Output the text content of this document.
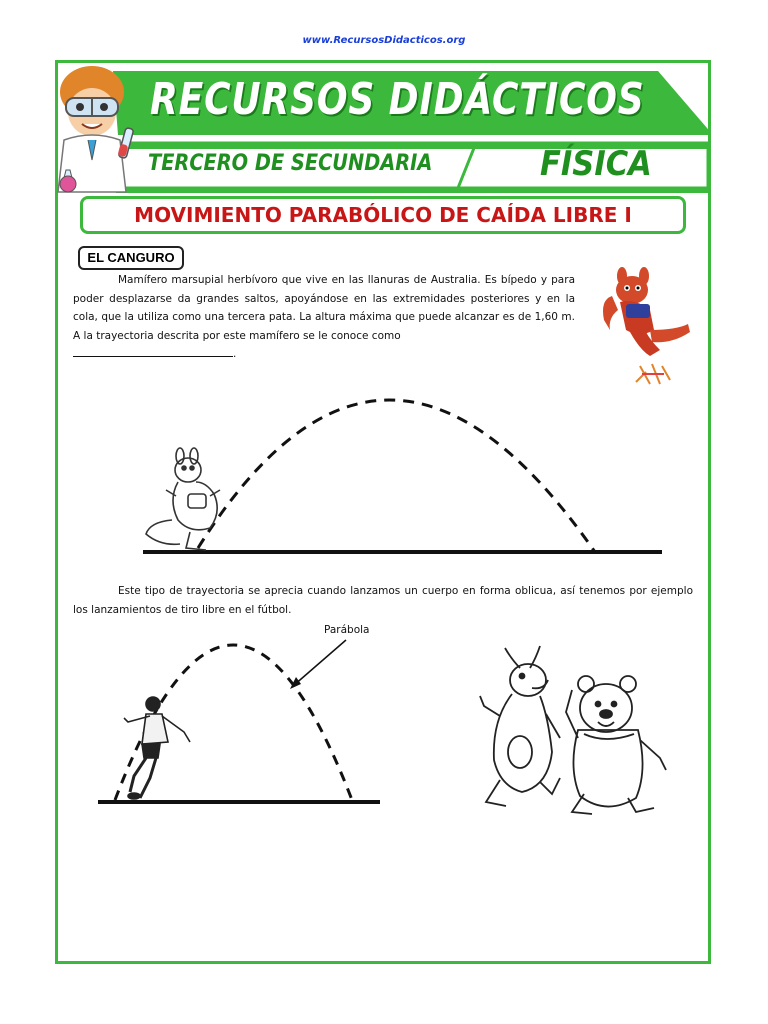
www.RecursosDidacticos.org
RECURSOS DIDÁCTICOS
TERCERO DE SECUNDARIA	FÍSICA
MOVIMIENTO PARABÓLICO DE CAÍDA LIBRE I
EL CANGURO
Mamífero marsupial herbívoro que vive en las llanuras de Australia. Es bípedo y para poder desplazarse da grandes saltos, apoyándose en las extremidades posteriores y en la cola, que la utiliza como una tercera pata. La altura máxima que puede alcanzar es de 1,60 m. A la trayectoria descrita por este mamífero se le conoce como
.
Este tipo de trayectoria se aprecia cuando lanzamos un cuerpo en forma oblicua, así tenemos por ejemplo los lanzamientos de tiro libre en el fútbol.
Parábola
